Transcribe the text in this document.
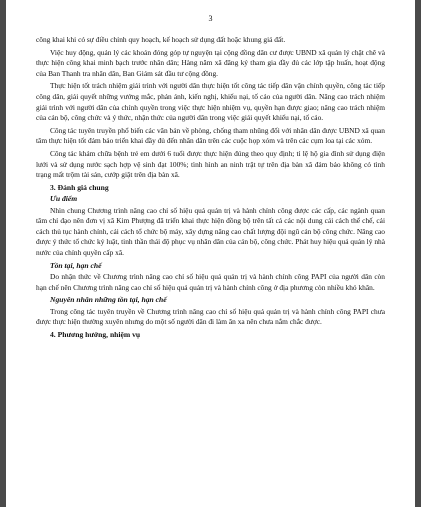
3

công khai khi có sự điều chỉnh quy hoạch, kế hoạch sử dụng đất hoặc khung giá đất.

Việc huy động, quản lý các khoản đóng góp tự nguyện tại cộng đồng dân cư được UBND xã quản lý chặt chẽ và thực hiện công khai minh bạch trước nhân dân; Hàng năm xã đăng ký tham gia đầy đủ các lớp tập huấn, hoạt động của Ban Thanh tra nhân dân, Ban Giám sát đầu tư cộng đồng.

Thực hiện tốt trách nhiệm giải trình với người dân thực hiện tốt công tác tiếp dân vận chính quyền, công tác tiếp công dân, giải quyết những vướng mắc, phản ánh, kiến nghị, khiếu nại, tố cáo của người dân. Nâng cao trách nhiệm giải trình với người dân của chính quyền trong việc thực hiện nhiệm vụ, quyền hạn được giao; nâng cao trách nhiệm của cán bộ, công chức và ý thức, nhận thức của người dân trong việc giải quyết khiếu nại, tố cáo.

Công tác tuyên truyền phổ biến các văn bản về phòng, chống tham nhũng đối với nhân dân được UBND xã quan tâm thực hiện tốt đảm bảo triển khai đầy đủ đến nhân dân trên các cuộc họp xóm và trên các cụm loa tại các xóm.

Công tác khám chữa bệnh trẻ em dưới 6 tuổi được thực hiện đúng theo quy định; tỉ lệ hộ gia đình sử dụng điện lưới và sử dụng nước sạch hợp vệ sinh đạt 100%; tình hình an ninh trật tự trên địa bàn xã đảm bảo không có tình trạng mất trộm tài sản, cướp giật trên địa bàn xã.

3. Đánh giá chung
Ưu điểm

Nhìn chung Chương trình nâng cao chỉ số hiệu quả quản trị và hành chính công được các cấp, các ngành quan tâm chỉ đạo nên đơn vị xã Kim Phượng đã triển khai thực hiện đồng bộ trên tất cả các nội dung cải cách thể chế, cải cách thủ tục hành chính, cải cách tổ chức bộ máy, xây dựng nâng cao chất lượng đội ngũ cán bộ công chức. Nâng cao được ý thức tổ chức kỷ luật, tinh thần thái độ phục vụ nhân dân của cán bộ, công chức. Phát huy hiệu quả quản lý nhà nước của chính quyền cấp xã.

Tồn tại, hạn chế

Do nhận thức về Chương trình nâng cao chỉ số hiệu quả quản trị và hành chính công PAPI của người dân còn hạn chế nên Chương trình nâng cao chỉ số hiệu quả quản trị và hành chính công ở địa phương còn nhiều khó khăn.

Nguyên nhân những tồn tại, hạn chế

Trong công tác tuyên truyền về Chương trình nâng cao chỉ số hiệu quả quản trị và hành chính công PAPI chưa được thực hiện thường xuyên nhưng do một số người dân đi làm ăn xa nên chưa nắm chắc được.

4. Phương hướng, nhiệm vụ
